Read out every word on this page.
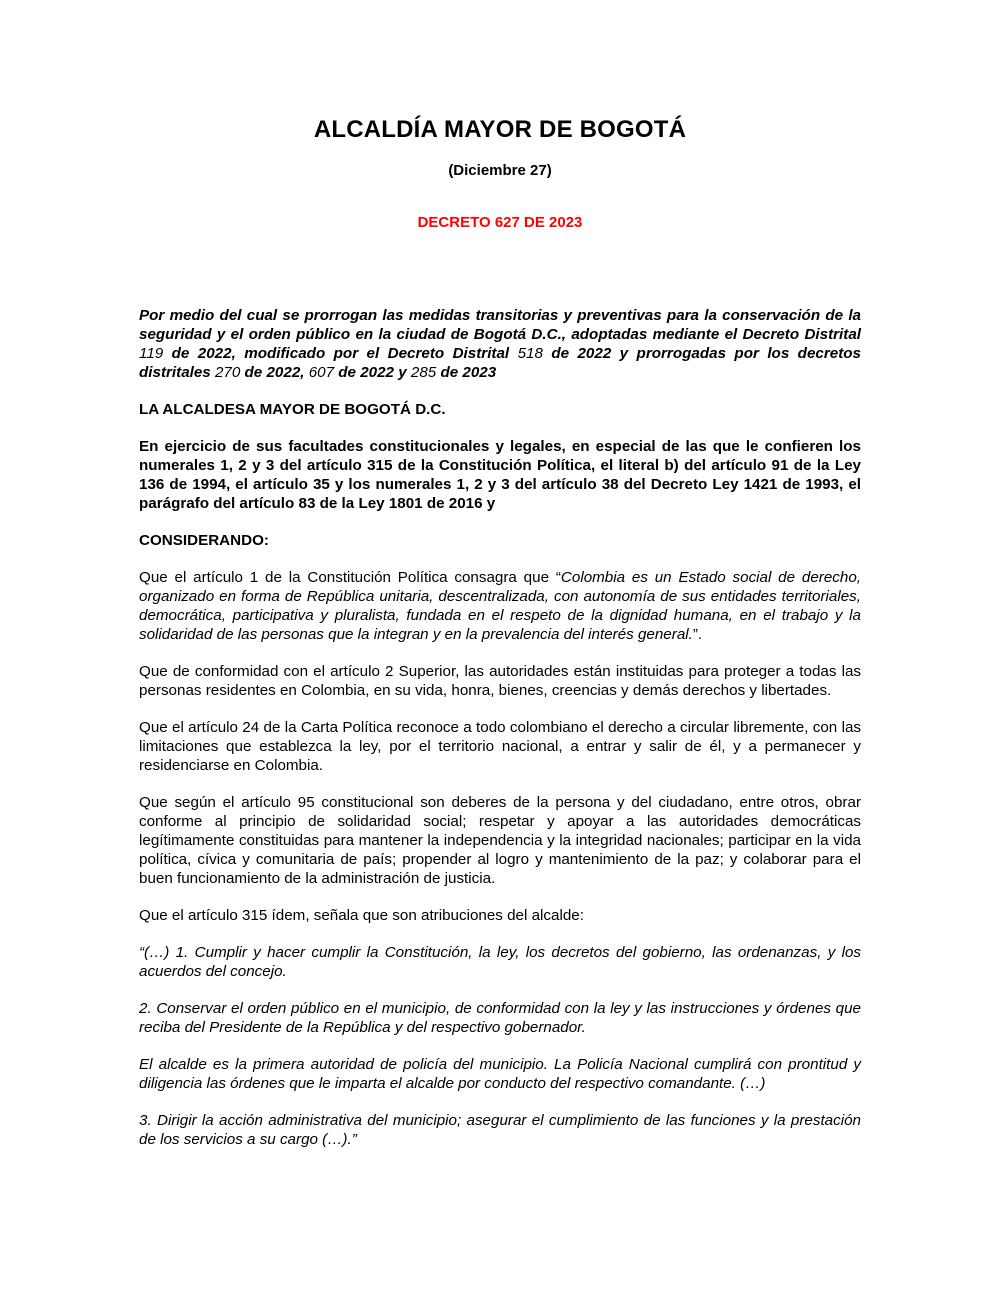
ALCALDÍA MAYOR DE BOGOTÁ

(Diciembre 27)

DECRETO 627 DE 2023

Por medio del cual se prorrogan las medidas transitorias y preventivas para la conservación de la seguridad y el orden público en la ciudad de Bogotá D.C., adoptadas mediante el Decreto Distrital 119 de 2022, modificado por el Decreto Distrital 518 de 2022 y prorrogadas por los decretos distritales 270 de 2022, 607 de 2022 y 285 de 2023

LA ALCALDESA MAYOR DE BOGOTÁ D.C.

En ejercicio de sus facultades constitucionales y legales, en especial de las que le confieren los numerales 1, 2 y 3 del artículo 315 de la Constitución Política, el literal b) del artículo 91 de la Ley 136 de 1994, el artículo 35 y los numerales 1, 2 y 3 del artículo 38 del Decreto Ley 1421 de 1993, el parágrafo del artículo 83 de la Ley 1801 de 2016 y

CONSIDERANDO:

Que el artículo 1 de la Constitución Política consagra que “Colombia es un Estado social de derecho, organizado en forma de República unitaria, descentralizada, con autonomía de sus entidades territoriales, democrática, participativa y pluralista, fundada en el respeto de la dignidad humana, en el trabajo y la solidaridad de las personas que la integran y en la prevalencia del interés general.”.

Que de conformidad con el artículo 2 Superior, las autoridades están instituidas para proteger a todas las personas residentes en Colombia, en su vida, honra, bienes, creencias y demás derechos y libertades.

Que el artículo 24 de la Carta Política reconoce a todo colombiano el derecho a circular libremente, con las limitaciones que establezca la ley, por el territorio nacional, a entrar y salir de él, y a permanecer y residenciarse en Colombia.

Que según el artículo 95 constitucional son deberes de la persona y del ciudadano, entre otros, obrar conforme al principio de solidaridad social; respetar y apoyar a las autoridades democráticas legítimamente constituidas para mantener la independencia y la integridad nacionales; participar en la vida política, cívica y comunitaria de país; propender al logro y mantenimiento de la paz; y colaborar para el buen funcionamiento de la administración de justicia.

Que el artículo 315 ídem, señala que son atribuciones del alcalde:

“(…) 1. Cumplir y hacer cumplir la Constitución, la ley, los decretos del gobierno, las ordenanzas, y los acuerdos del concejo.

2. Conservar el orden público en el municipio, de conformidad con la ley y las instrucciones y órdenes que reciba del Presidente de la República y del respectivo gobernador.

El alcalde es la primera autoridad de policía del municipio. La Policía Nacional cumplirá con prontitud y diligencia las órdenes que le imparta el alcalde por conducto del respectivo comandante. (…)

3. Dirigir la acción administrativa del municipio; asegurar el cumplimiento de las funciones y la prestación de los servicios a su cargo (…).”
